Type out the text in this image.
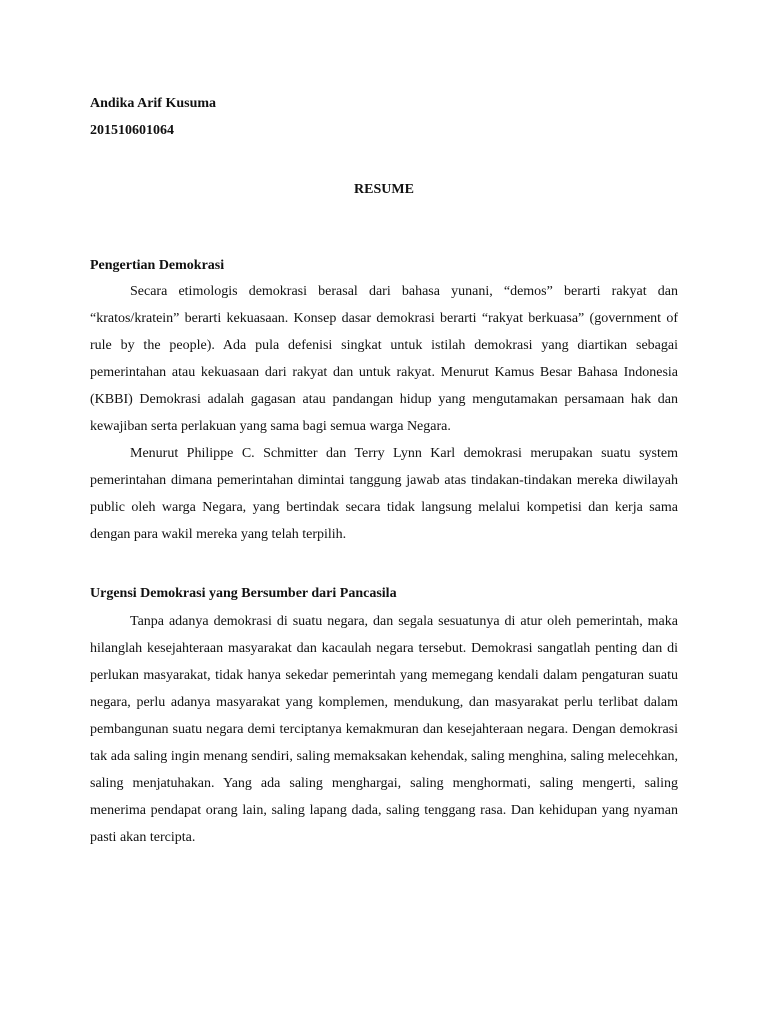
Andika Arif Kusuma

201510601064

RESUME
Pengertian Demokrasi

Secara etimologis demokrasi berasal dari bahasa yunani, “demos” berarti rakyat dan “kratos/kratein” berarti kekuasaan. Konsep dasar demokrasi berarti “rakyat berkuasa” (government of rule by the people). Ada pula defenisi singkat untuk istilah demokrasi yang diartikan sebagai pemerintahan atau kekuasaan dari rakyat dan untuk rakyat. Menurut Kamus Besar Bahasa Indonesia (KBBI) Demokrasi adalah gagasan atau pandangan hidup yang mengutamakan persamaan hak dan kewajiban serta perlakuan yang sama bagi semua warga Negara.

Menurut Philippe C. Schmitter dan Terry Lynn Karl demokrasi merupakan suatu system pemerintahan dimana pemerintahan dimintai tanggung jawab atas tindakan-tindakan mereka diwilayah public oleh warga Negara, yang bertindak secara tidak langsung melalui kompetisi dan kerja sama dengan para wakil mereka yang telah terpilih.

Urgensi Demokrasi yang Bersumber dari Pancasila

Tanpa adanya demokrasi di suatu negara, dan segala sesuatunya di atur oleh pemerintah, maka hilanglah kesejahteraan masyarakat dan kacaulah negara tersebut. Demokrasi sangatlah penting dan di perlukan masyarakat, tidak hanya sekedar pemerintah yang memegang kendali dalam pengaturan suatu negara, perlu adanya masyarakat yang komplemen, mendukung, dan masyarakat perlu terlibat dalam pembangunan suatu negara demi terciptanya kemakmuran dan kesejahteraan negara. Dengan demokrasi tak ada saling ingin menang sendiri, saling memaksakan kehendak, saling menghina, saling melecehkan, saling menjatuhakan. Yang ada saling menghargai, saling menghormati, saling mengerti, saling menerima pendapat orang lain, saling lapang dada, saling tenggang rasa. Dan kehidupan yang nyaman pasti akan tercipta.
